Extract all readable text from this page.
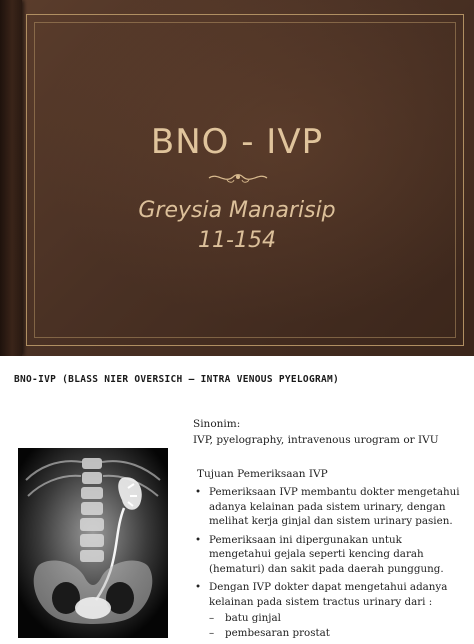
BNO - IVP
Greysia Manarisip
11-154
BNO-IVP (BLASS NIER OVERSICH – INTRA VENOUS PYELOGRAM)
Sinonim:
IVP, pyelography, intravenous urogram or IVU
Tujuan Pemeriksaan IVP
• Pemeriksaan IVP membantu dokter mengetahui adanya kelainan pada sistem urinary, dengan melihat kerja ginjal dan sistem urinary pasien.
• Pemeriksaan ini dipergunakan untuk mengetahui gejala seperti kencing darah (hematuri) dan sakit pada daerah punggung.
• Dengan IVP dokter dapat mengetahui adanya kelainan pada sistem tractus urinary dari :
– batu ginjal
– pembesaran prostat
